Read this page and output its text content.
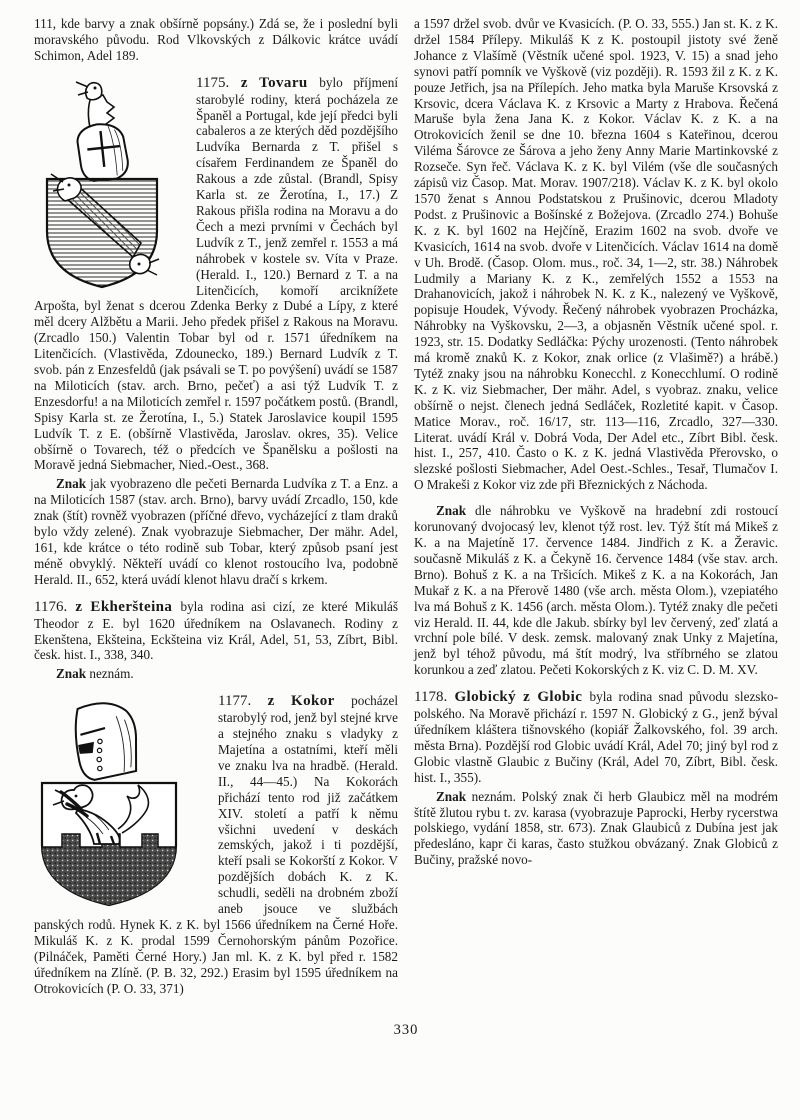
111, kde barvy a znak obšírně popsány.) Zdá se, že i poslední byli moravského původu. Rod Vlkovských z Dálkovic krátce uvádí Schimon, Adel 189.

1175. z Tovaru bylo příjmení starobylé rodiny, která pocházela ze Španěl a Portugal, kde její předci byli cabaleros a ze kterých děd pozdějšího Ludvíka Bernarda z T. přišel s císařem Ferdinandem ze Španěl do Rakous a zde zůstal. (Brandl, Spisy Karla st. ze Žerotína, I., 17.) Z Rakous přišla rodina na Moravu a do Čech a mezi prvními v Čechách byl Ludvík z T., jenž zemřel r. 1553 a má náhrobek v kostele sv. Víta v Praze. (Herald. I., 120.) Bernard z T. a na Litenčicích, komoří arciknížete Arpošta, byl ženat s dcerou Zdenka Berky z Dubé a Lípy, z které měl dcery Alžbětu a Marii. Jeho předek přišel z Rakous na Moravu. (Zrcadlo 150.) Valentin Tobar byl od r. 1571 úředníkem na Litenčicích. (Vlastivěda, Zdounecko, 189.) Bernard Ludvík z T. svob. pán z Enzesfeldů (jak psávali se T. po povýšení) uvádí se 1587 na Miloticích (stav. arch. Brno, pečeť) a asi týž Ludvík T. z Enzesdorfu! a na Miloticích zemřel r. 1597 počátkem postů. (Brandl, Spisy Karla st. ze Žerotína, I., 5.) Statek Jaroslavice koupil 1595 Ludvík T. z E. (obšírně Vlastivěda, Jaroslav. okres, 35). Velice obšírně o Tovarech, též o předcích ve Španělsku a pošlosti na Moravě jedná Siebmacher, Nied.-Oest., 368.

Znak jak vyobrazeno dle pečeti Bernarda Ludvíka z T. a Enz. a na Miloticích 1587 (stav. arch. Brno), barvy uvádí Zrcadlo, 150, kde znak (štít) rovněž vyobrazen (příčné dřevo, vycházející z tlam draků bylo vždy zelené). Znak vyobrazuje Siebmacher, Der mähr. Adel, 161, kde krátce o této rodině sub Tobar, který způsob psaní jest méně obvyklý. Někteří uvádí co klenot rostoucího lva, podobně Herald. II., 652, která uvádí klenot hlavu dračí s krkem.

1176. z Ekheršteina byla rodina asi cizí, ze které Mikuláš Theodor z E. byl 1620 úředníkem na Oslavanech. Rodiny z Ekenštena, Ekšteina, Eckšteina viz Král, Adel, 51, 53, Zíbrt, Bibl. česk. hist. I., 338, 340.

Znak neznám.

1177. z Kokor pocházel starobylý rod, jenž byl stejné krve a stejného znaku s vladyky z Majetína a ostatními, kteří měli ve znaku lva na hradbě. (Herald. II., 44—45.) Na Kokorách přichází tento rod již začátkem XIV. století a patří k němu všichni uvedení v deskách zemských, jakož i ti pozdější, kteří psali se Kokorští z Kokor. V pozdějších dobách K. z K. schudli, seděli na drobném zboží aneb jsouce ve službách panských rodů. Hynek K. z K. byl 1566 úředníkem na Černé Hoře. Mikuláš K. z K. prodal 1599 Černohorským pánům Pozořice. (Pilnáček, Paměti Černé Hory.) Jan ml. K. z K. byl před r. 1582 úředníkem na Zlíně. (P. B. 32, 292.) Erasim byl 1595 úředníkem na Otrokovicích (P. O. 33, 371)

a 1597 držel svob. dvůr ve Kvasicích. (P. O. 33, 555.) Jan st. K. z K. držel 1584 Přílepy. Mikuláš K z K. postoupil jistoty své ženě Johance z Vlašímě (Věstník učené spol. 1923, V. 15) a snad jeho synovi patří pomník ve Vyškově (viz později). R. 1593 žil z K. z K. pouze Jetřich, jsa na Přílepích. Jeho matka byla Maruše Krsovská z Krsovic, dcera Václava K. z Krsovic a Marty z Hrabova. Řečená Maruše byla žena Jana K. z Kokor. Václav K. z K. a na Otrokovicích ženil se dne 10. března 1604 s Kateřinou, dcerou Viléma Šárovce ze Šárova a jeho ženy Anny Marie Martinkovské z Rozseče. Syn řeč. Václava K. z K. byl Vilém (vše dle současných zápisů viz Časop. Mat. Morav. 1907/218). Václav K. z K. byl okolo 1570 ženat s Annou Podstatskou z Prušinovic, dcerou Mladoty Podst. z Prušinovic a Bošínské z Božejova. (Zrcadlo 274.) Bohuše K. z K. byl 1602 na Hejčíně, Erazim 1602 na svob. dvoře ve Kvasicích, 1614 na svob. dvoře v Litenčicích. Václav 1614 na domě v Uh. Brodě. (Časop. Olom. mus., roč. 34, 1—2, str. 38.) Náhrobek Ludmily a Mariany K. z K., zemřelých 1552 a 1553 na Drahanovicích, jakož i náhrobek N. K. z K., nalezený ve Vyškově, popisuje Houdek, Vývody. Řečený náhrobek vyobrazen Procházka, Náhrobky na Vyškovsku, 2—3, a objasněn Věstník učené spol. r. 1923, str. 15. Dodatky Sedláčka: Pýchy urozenosti. (Tento náhrobek má kromě znaků K. z Kokor, znak orlice (z Vlašimě?) a hrábě.) Tytéž znaky jsou na náhrobku Konecchl. z Konecchlumí. O rodině K. z K. viz Siebmacher, Der mähr. Adel, s vyobraz. znaku, velice obšírně o nejst. členech jedná Sedláček, Rozletité kapit. v Časop. Matice Morav., roč. 16/17, str. 113—116, Zrcadlo, 327—330. Literat. uvádí Král v. Dobrá Voda, Der Adel etc., Zíbrt Bibl. česk. hist. I., 257, 410. Často o K. z K. jedná Vlastivěda Přerovsko, o slezské pošlosti Siebmacher, Adel Oest.-Schles., Tesař, Tlumačov I. O Mrakeši z Kokor viz zde při Březnických z Náchoda.

Znak dle náhrobku ve Vyškově na hradební zdi rostoucí korunovaný dvojocasý lev, klenot týž rost. lev. Týž štít má Mikeš z K. a na Majetíně 17. července 1484. Jindřich z K. a Žeravic. současně Mikuláš z K. a Čekyně 16. července 1484 (vše stav. arch. Brno). Bohuš z K. a na Tršicích. Mikeš z K. a na Kokorách, Jan Mukař z K. a na Přerově 1480 (vše arch. města Olom.), vzepiatého lva má Bohuš z K. 1456 (arch. města Olom.). Tytéž znaky dle pečeti viz Herald. II. 44, kde dle Jakub. sbírky byl lev červený, zeď zlatá a vrchní pole bílé. V desk. zemsk. malovaný znak Unky z Majetína, jenž byl téhož původu, má štít modrý, lva stříbrného se zlatou korunkou a zeď zlatou. Pečeti Kokorských z K. viz C. D. M. XV.

1178. Globický z Globic byla rodina snad původu slezsko-polského. Na Moravě přichází r. 1597 N. Globický z G., jenž býval úředníkem kláštera tišnovského (kopiář Žalkovského, fol. 39 arch. města Brna). Pozdější rod Globic uvádí Král, Adel 70; jiný byl rod z Globic vlastně Glaubic z Bučiny (Král, Adel 70, Zíbrt, Bibl. česk. hist. I., 355).

Znak neznám. Polský znak či herb Glaubicz měl na modrém štítě žlutou rybu t. zv. karasa (vyobrazuje Paprocki, Herby rycerstwa polskiego, vydání 1858, str. 673). Znak Glaubiců z Dubína jest jak předesláno, kapr či karas, často stužkou obvázaný. Znak Globiců z Bučiny, pražské novo-

330
